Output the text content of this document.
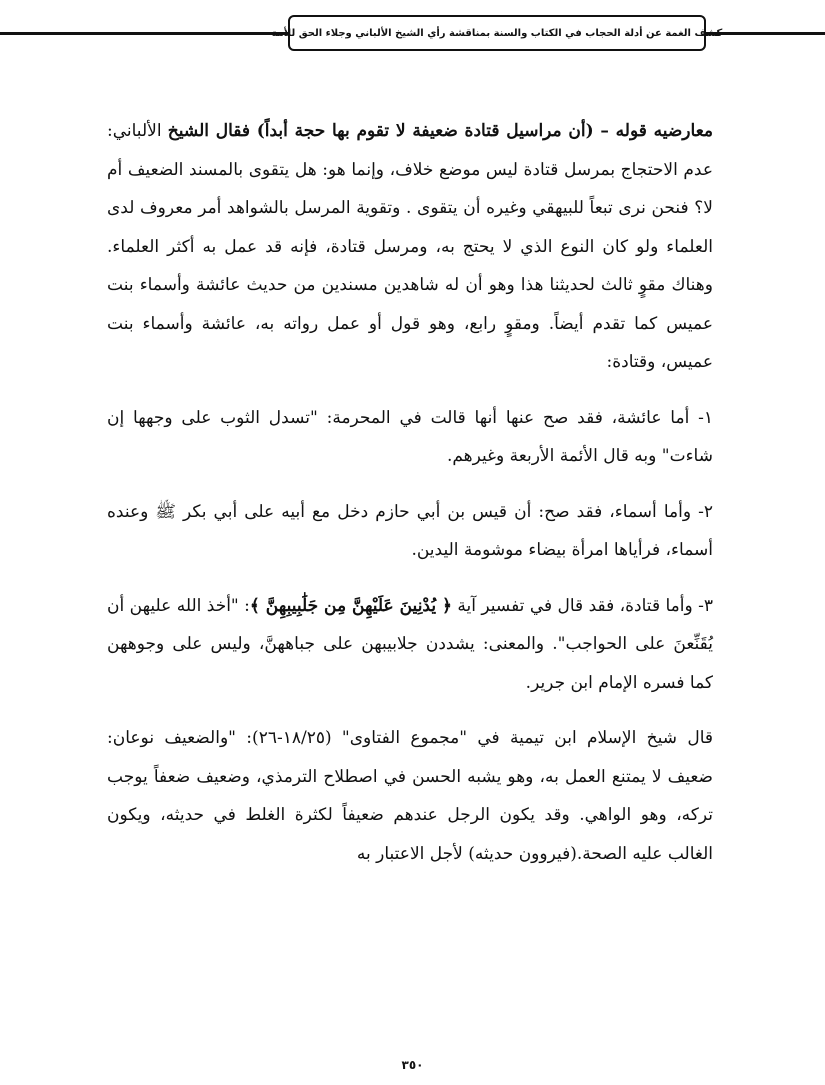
كشف الغمة عن أدلة الحجاب في الكتاب والسنة بمناقشة رأي الشيخ الألباني وجلاء الحق للأمة

معارضيه قوله – (أن مراسيل قتادة ضعيفة لا تقوم بها حجة أبداً) فقال الشيخ الألباني: عدم الاحتجاج بمرسل قتادة ليس موضع خلاف، وإنما هو: هل يتقوى بالمسند الضعيف أم لا؟ فنحن نرى تبعاً للبيهقي وغيره أن يتقوى . وتقوية المرسل بالشواهد أمر معروف لدى العلماء ولو كان النوع الذي لا يحتج به، ومرسل قتادة، فإنه قد عمل به أكثر العلماء. وهناك مقوٍ ثالث لحديثنا هذا وهو أن له شاهدين مسندين من حديث عائشة وأسماء بنت عميس كما تقدم أيضاً. ومقوٍ رابع، وهو قول أو عمل رواته به، عائشة وأسماء بنت عميس، وقتادة:

١- أما عائشة، فقد صح عنها أنها قالت في المحرمة: "تسدل الثوب على وجهها إن شاءت" وبه قال الأئمة الأربعة وغيرهم.

٢- وأما أسماء، فقد صح: أن قيس بن أبي حازم دخل مع أبيه على أبي بكر ﷺ وعنده أسماء، فرأياها امرأة بيضاء موشومة اليدين.

٣- وأما قتادة، فقد قال في تفسير آية ﴿ يُدْنِينَ عَلَيْهِنَّ مِن جَلَٰبِيبِهِنَّ ﴾: "أخذ الله عليهن أن يُقَنِّعنَ على الحواجب". والمعنى: يشددن جلابيبهن على جباههنَّ، وليس على وجوههن كما فسره الإمام ابن جرير.

قال شيخ الإسلام ابن تيمية في "مجموع الفتاوى" (١٨/٢٥-٢٦): "والضعيف نوعان: ضعيف لا يمتنع العمل به، وهو يشبه الحسن في اصطلاح الترمذي، وضعيف ضعفاً يوجب تركه، وهو الواهي. وقد يكون الرجل عندهم ضعيفاً لكثرة الغلط في حديثه، ويكون الغالب عليه الصحة.(فيروون حديثه) لأجل الاعتبار به

٣٥٠
